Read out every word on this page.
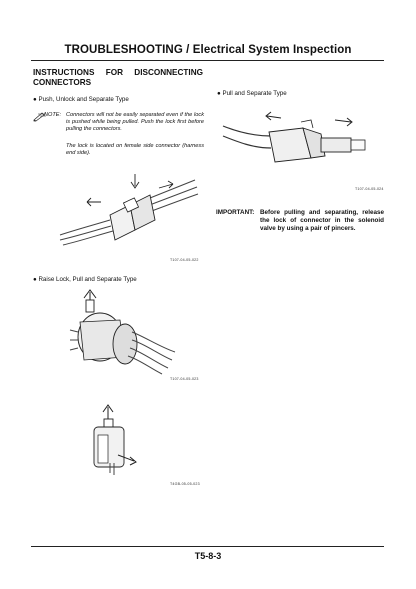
TROUBLESHOOTING / Electrical System Inspection
INSTRUCTIONS FOR DISCONNECTING CONNECTORS
● Push, Unlock and Separate Type
NOTE: Connectors will not be easily separated even if the lock is pushed while being pulled. Push the lock first before pulling the connectors.
The lock is located on female side connector (harness end side).
T107-04-05-022
● Raise Lock, Pull and Separate Type
T107-04-05-023
T4GB-05-05-023
● Pull and Separate Type
T107-04-05-024
IMPORTANT: Before pulling and separating, release the lock of connector in the solenoid valve by using a pair of pincers.
T5-8-3
